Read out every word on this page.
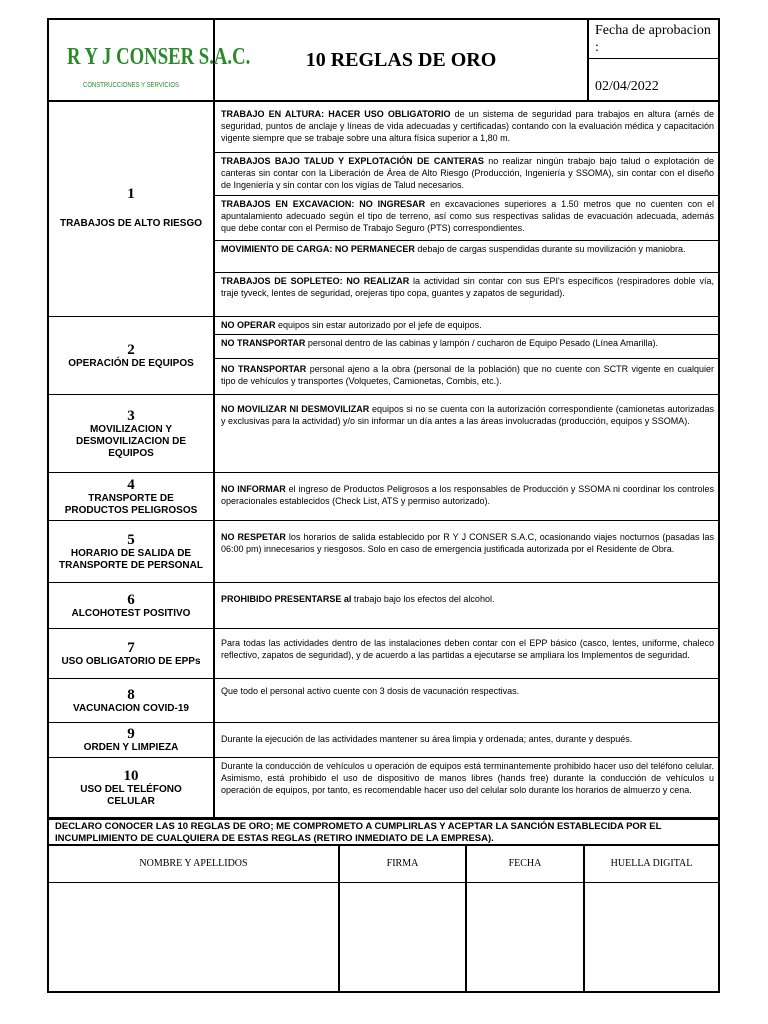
R Y J CONSER S.A.C.
CONSTRUCCIONES Y SERVICIOS
10 REGLAS DE ORO
Fecha de aprobacion :
02/04/2022
1
TRABAJOS DE ALTO RIESGO
TRABAJO EN ALTURA: HACER USO OBLIGATORIO de un sistema de seguridad para trabajos en altura (arnés de seguridad, puntos de anclaje y líneas de vida adecuadas y certificadas) contando con la evaluación médica y capacitación vigente siempre que se trabaje sobre una altura física superior a 1,80 m.
TRABAJOS BAJO TALUD Y EXPLOTACIÓN DE CANTERAS no realizar ningún trabajo bajo talud o explotación de canteras sin contar con la Liberación de Área de Alto Riesgo (Producción, Ingeniería y SSOMA), sin contar con el diseño de Ingeniería y sin contar con los vigías de Talud necesarios.
TRABAJOS EN EXCAVACION: NO INGRESAR en excavaciones superiores a 1.50 metros que no cuenten con el apuntalamiento adecuado según el tipo de terreno, así como sus respectivas salidas de evacuación adecuada, además que debe contar con el Permiso de Trabajo Seguro (PTS) correspondientes.
MOVIMIENTO DE CARGA: NO PERMANECER debajo de cargas suspendidas durante su movilización y maniobra.
TRABAJOS DE SOPLETEO: NO REALIZAR la actividad sin contar con sus EPI's específicos (respiradores doble vía, traje tyveck, lentes de seguridad, orejeras tipo copa, guantes y zapatos de seguridad).
2
OPERACIÓN DE EQUIPOS
NO OPERAR equipos sin estar autorizado por el jefe de equipos.
NO TRANSPORTAR personal dentro de las cabinas y lampón / cucharon de Equipo Pesado (Línea Amarilla).
NO TRANSPORTAR personal ajeno a la obra (personal de la población) que no cuente con SCTR vigente en cualquier tipo de vehículos y transportes (Volquetes, Camionetas, Combis, etc.).
3
MOVILIZACION Y DESMOVILIZACION DE EQUIPOS
NO MOVILIZAR NI DESMOVILIZAR equipos si no se cuenta con la autorización correspondiente (camionetas autorizadas y exclusivas para la actividad) y/o sin informar un día antes a las áreas involucradas (producción, equipos y SSOMA).
4
TRANSPORTE DE PRODUCTOS PELIGROSOS
NO INFORMAR el ingreso de Productos Peligrosos a los responsables de Producción y SSOMA ni coordinar los controles operacionales establecidos (Check List, ATS y permiso autorizado).
5
HORARIO DE SALIDA DE TRANSPORTE DE PERSONAL
NO RESPETAR los horarios de salida establecido por R Y J CONSER S.A.C, ocasionando viajes nocturnos (pasadas las 06:00 pm) innecesarios y riesgosos. Solo en caso de emergencia justificada autorizada por el Residente de Obra.
6
ALCOHOTEST POSITIVO
PROHIBIDO PRESENTARSE al trabajo bajo los efectos del alcohol.
7
USO OBLIGATORIO DE EPPs
Para todas las actividades dentro de las instalaciones deben contar con el EPP básico (casco, lentes, uniforme, chaleco reflectivo, zapatos de seguridad), y de acuerdo a las partidas a ejecutarse se ampliara los Implementos de seguridad.
8
VACUNACION COVID-19
Que todo el personal activo cuente con 3 dosis de vacunación respectivas.
9
ORDEN Y LIMPIEZA
Durante la ejecución de las actividades mantener su área limpia y ordenada; antes, durante y después.
10
USO DEL TELÉFONO CELULAR
Durante la conducción de vehículos u operación de equipos está terminantemente prohibido hacer uso del teléfono celular. Asimismo, está prohibido el uso de dispositivo de manos libres (hands free) durante la conducción de vehículos u operación de equipos, por tanto, es recomendable hacer uso del celular solo durante los horarios de almuerzo y cena.
DECLARO CONOCER LAS 10 REGLAS DE ORO; ME COMPROMETO A CUMPLIRLAS Y ACEPTAR LA SANCIÓN ESTABLECIDA POR EL INCUMPLIMIENTO DE CUALQUIERA DE ESTAS REGLAS (RETIRO INMEDIATO DE LA EMPRESA).
NOMBRE Y APELLIDOS	FIRMA	FECHA	HUELLA DIGITAL
